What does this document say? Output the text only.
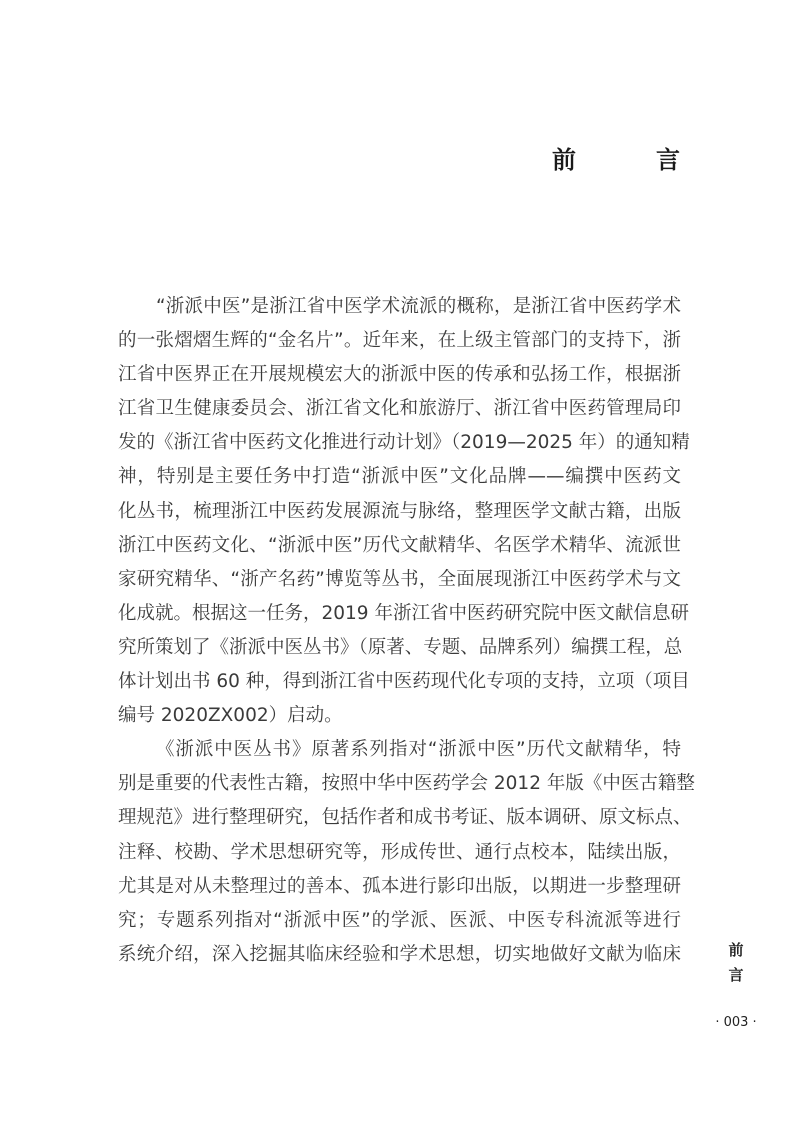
前　言
“浙派中医”是浙江省中医学术流派的概称，是浙江省中医药学术
的一张熠熠生辉的“金名片”。近年来，在上级主管部门的支持下，浙
江省中医界正在开展规模宏大的浙派中医的传承和弘扬工作，根据浙
江省卫生健康委员会、浙江省文化和旅游厅、浙江省中医药管理局印
发的《浙江省中医药文化推进行动计划》（2019—2025 年）的通知精
神，特别是主要任务中打造“浙派中医”文化品牌——编撰中医药文
化丛书，梳理浙江中医药发展源流与脉络，整理医学文献古籍，出版
浙江中医药文化、“浙派中医”历代文献精华、名医学术精华、流派世
家研究精华、“浙产名药”博览等丛书，全面展现浙江中医药学术与文
化成就。根据这一任务，2019 年浙江省中医药研究院中医文献信息研
究所策划了《浙派中医丛书》（原著、专题、品牌系列）编撰工程，总
体计划出书 60 种，得到浙江省中医药现代化专项的支持，立项（项目
编号 2020ZX002）启动。
《浙派中医丛书》原著系列指对“浙派中医”历代文献精华，特
别是重要的代表性古籍，按照中华中医药学会 2012 年版《中医古籍整
理规范》进行整理研究，包括作者和成书考证、版本调研、原文标点、
注释、校勘、学术思想研究等，形成传世、通行点校本，陆续出版，
尤其是对从未整理过的善本、孤本进行影印出版，以期进一步整理研
究；专题系列指对“浙派中医”的学派、医派、中医专科流派等进行
系统介绍，深入挖掘其临床经验和学术思想，切实地做好文献为临床	前
言
· 003 ·
